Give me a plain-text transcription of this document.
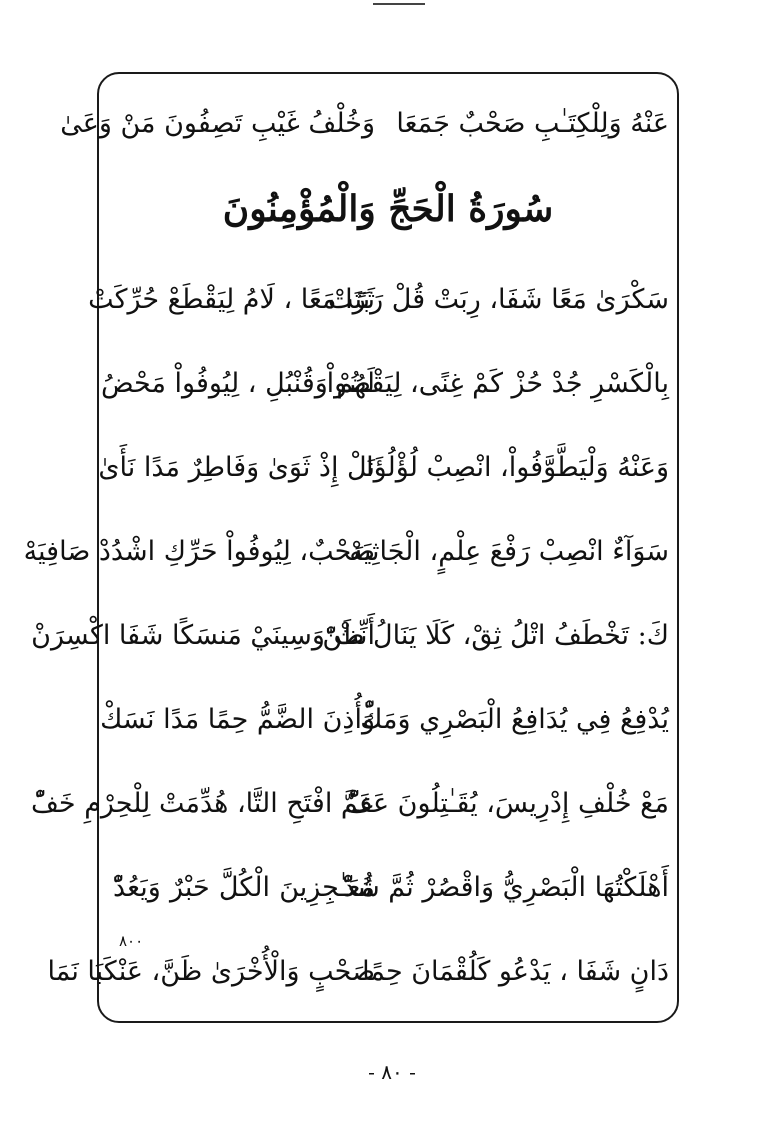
عَنْهُ وَلِلْكِتَـٰبِ صَحْبٌ جَمَعَا
وَخُلْفُ غَيْبِ تَصِفُونَ مَنْ وَعَىٰ
سُورَةُ الْحَجِّ وَالْمُؤْمِنُونَ
سَكْرَىٰ مَعًا شَفَا، رِبَتْ قُلْ رَبَتَتْ
ثَرًا مَعًا ، لَامُ لِيَقْطَعْ حُرِّكَتْ
بِالْكَسْرِ جُدْ حُزْ كَمْ غِنًى، لِيَقْضُواْ
لَهُمْ وَقُنْبُلِ ، لِيُوفُواْ مَحْضُ
وَعَنْهُ وَلْيَطَّوَّفُواْ، انْصِبْ لُؤْلُؤَا
نَلْ إِذْ ثَوَىٰ وَفَاطِرٌ مَدًا نَأَىٰ
سَوَآءٌ انْصِبْ رَفْعَ عِلْمٍ، الْجَاثِيَهْ
صَحْبٌ، لِيُوفُواْ حَرِّكِ اشْدُدْ صَافِيَهْ
كَ: تَخْطَفُ اتْلُ ثِقْ، كَلَا يَنَالُ ظَنّْ
أَنِّثْ وَسِينَيْ مَنسَكًا شَفَا اكْسِرَنْ
يُدْفِعُ فِي يُدَافِعُ الْبَصْرِي وَمَكّْ
وَأُذِنَ الضَّمُّ حِمًا مَدًا نَسَكْ
مَعْ خُلْفِ إِدْرِيسَ، يُقَـٰتِلُونَ عَفّْ
عَمَّ افْتَحِ التَّا، هُدِّمَتْ لِلْحِرْمِ خَفّْ
أَهْلَكْتُهَا الْبَصْرِيُّ وَاقْصُرْ ثُمَّ شُدّْ
مُعَـٰجِزِينَ الْكُلَّ حَبْرٌ وَيَعُدّْ
٨٠٠
دَانٍ شَفَا ، يَدْعُو كَلُقْمَانَ حِمًا
صَحْبٍ وَالْأُخْرَىٰ ظَنَّ، عَنْكَبَا نَمَا
- ٨٠ -
